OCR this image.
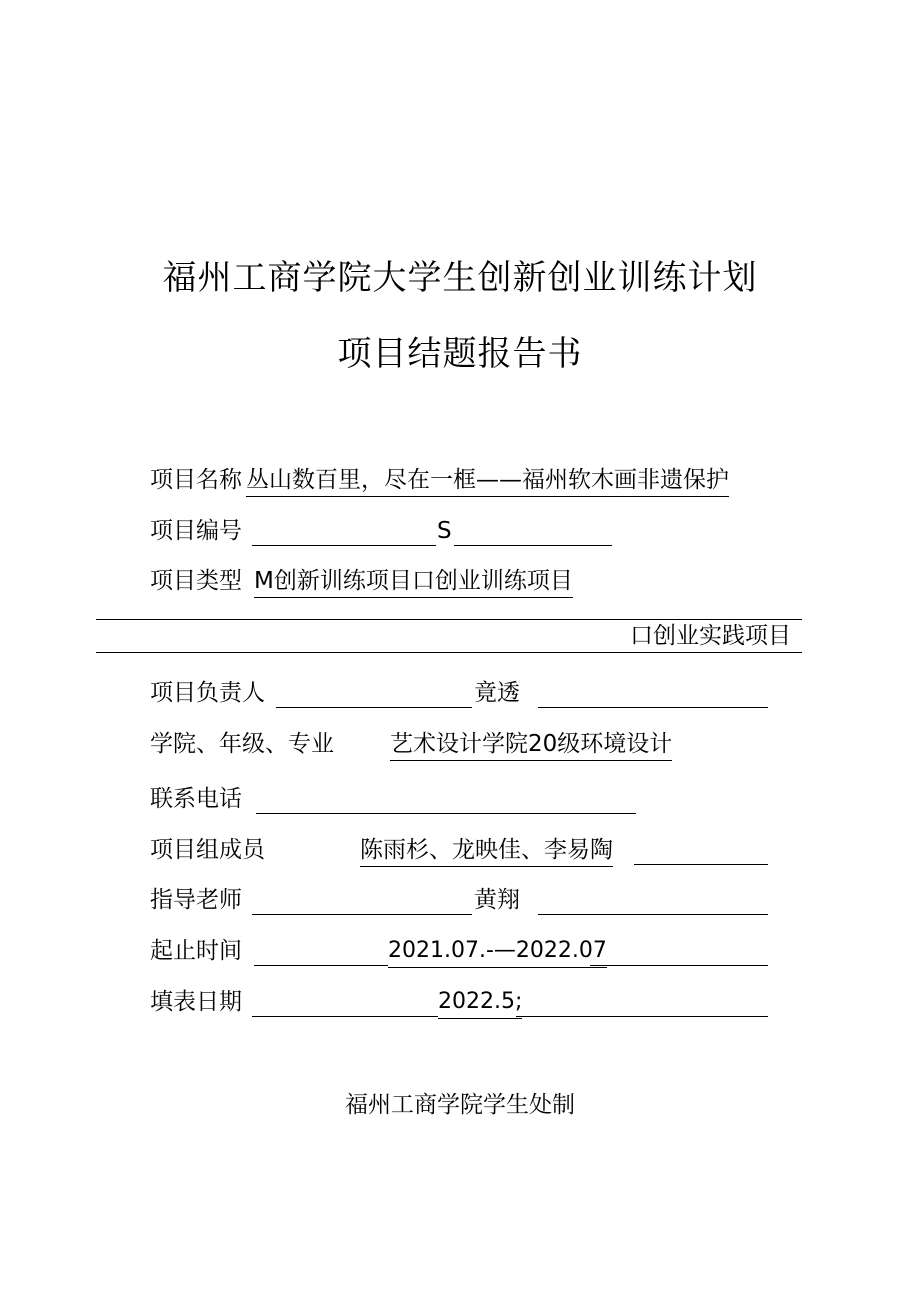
福州工商学院大学生创新创业训练计划
项目结题报告书
项目名称 丛山数百里，尽在一框——福州软木画非遗保护
项目编号	S
项目类型 M创新训练项目口创业训练项目
口创业实践项目
项目负责人	竟透
学院、年级、专业 艺术设计学院20级环境设计
联系电话
项目组成员	陈雨杉、龙映佳、李易陶
指导老师	黄翔
起止时间	2021.07.-—2022.07
填表日期	2022.5;
福州工商学院学生处制
